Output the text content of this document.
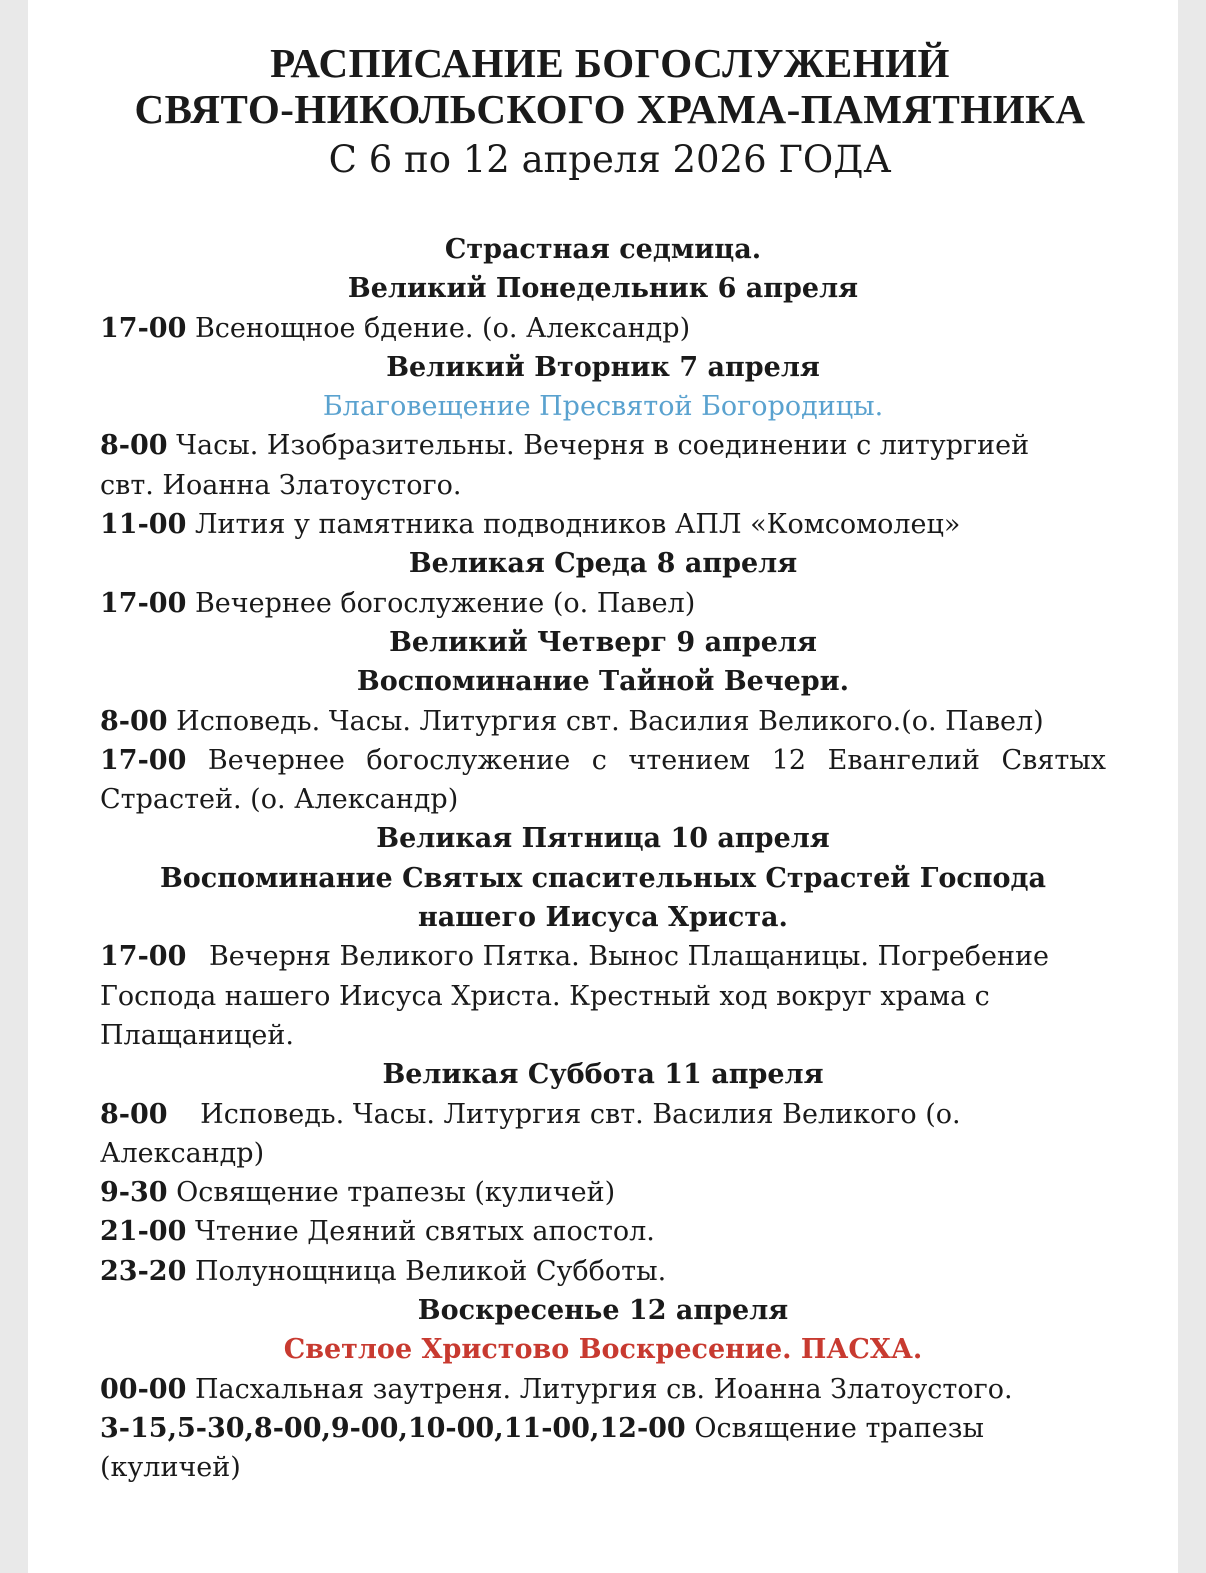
РАСПИСАНИЕ БОГОСЛУЖЕНИЙ
СВЯТО-НИКОЛЬСКОГО ХРАМА-ПАМЯТНИКА
С 6 по 12 апреля 2026 ГОДА
Страстная седмица.
Великий Понедельник 6 апреля
17-00 Всенощное бдение. (о. Александр)
Великий Вторник 7 апреля
Благовещение Пресвятой Богородицы.
8-00 Часы. Изобразительны. Вечерня в соединении с литургией
свт. Иоанна Златоустого.
11-00 Лития у памятника подводников АПЛ «Комсомолец»
Великая Среда 8 апреля
17-00 Вечернее богослужение (о. Павел)
Великий Четверг 9 апреля
Воспоминание Тайной Вечери.
8-00 Исповедь. Часы. Литургия свт. Василия Великого.(о. Павел)
17-00 Вечернее богослужение с чтением 12 Евангелий Святых
Страстей. (о. Александр)
Великая Пятница 10 апреля
Воспоминание Святых спасительных Страстей Господа
нашего Иисуса Христа.
17-00 Вечерня Великого Пятка. Вынос Плащаницы. Погребение
Господа нашего Иисуса Христа. Крестный ход вокруг храма с
Плащаницей.
Великая Суббота 11 апреля
8-00 Исповедь. Часы. Литургия свт. Василия Великого (о.
Александр)
9-30 Освящение трапезы (куличей)
21-00 Чтение Деяний святых апостол.
23-20 Полунощница Великой Субботы.
Воскресенье 12 апреля
Светлое Христово Воскресение. ПАСХА.
00-00 Пасхальная заутреня. Литургия св. Иоанна Златоустого.
3-15,5-30,8-00,9-00,10-00,11-00,12-00 Освящение трапезы
(куличей)
